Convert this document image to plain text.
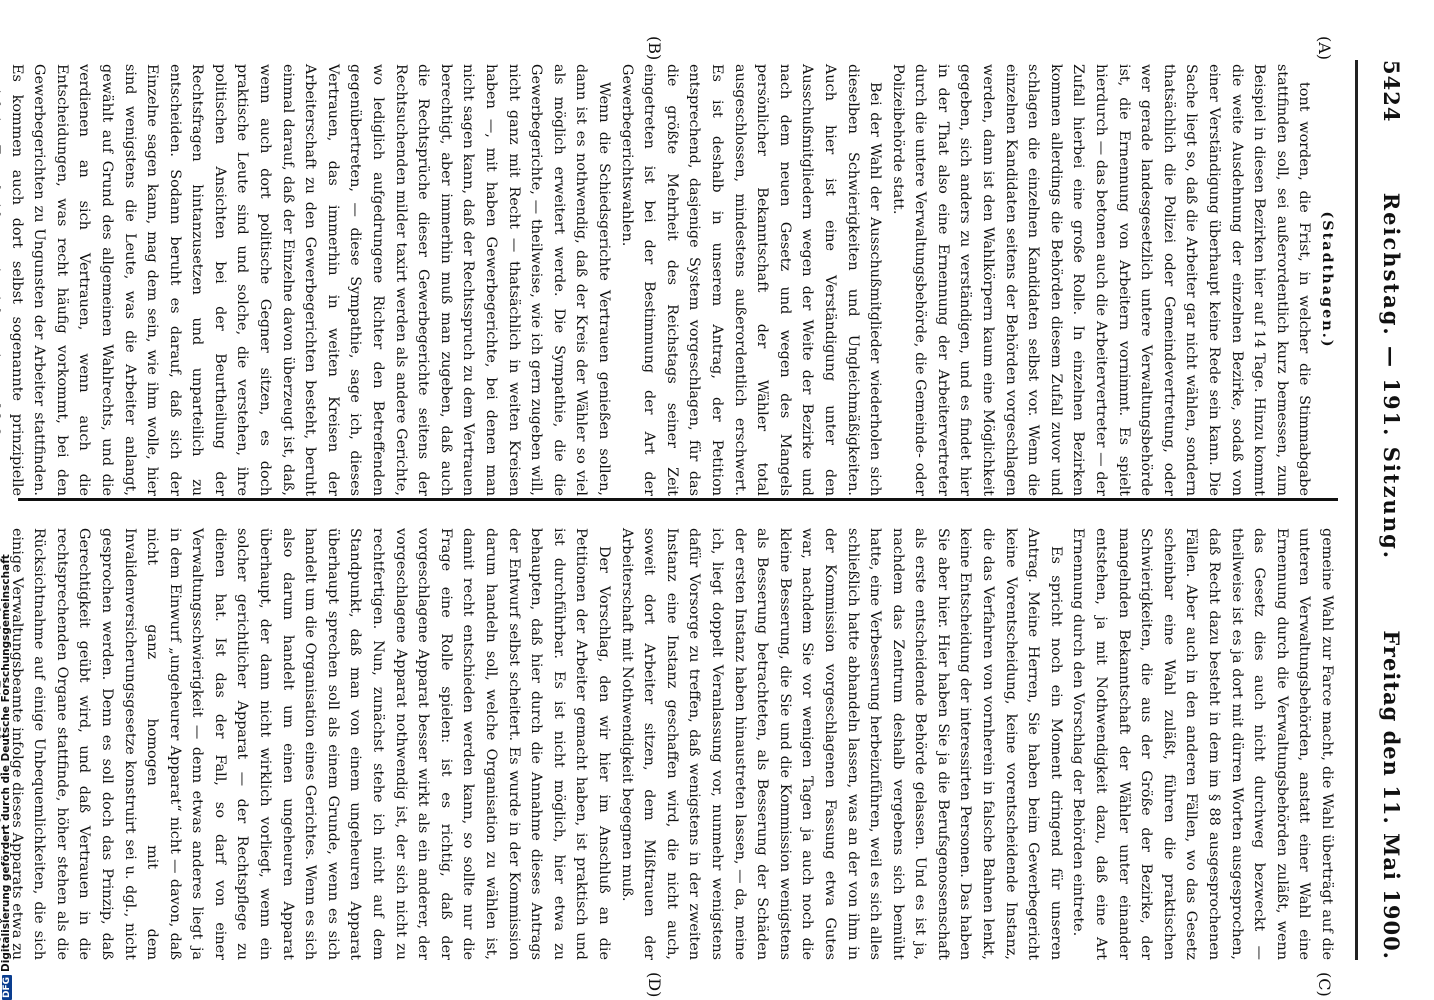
5424
Reichstag. — 191. Sitzung.
Freitag den 11. Mai 1900.
(A)
(B)
(C)
(D)

(Stadthagen.)

tont worden, die Frist, in welcher die Stimmabgabe stattfinden soll, sei außerordentlich kurz bemessen, zum Beispiel in diesen Bezirken hier auf 14 Tage. Hinzu kommt die weite Ausdehnung der einzelnen Bezirke, sodaß von einer Verständigung überhaupt keine Rede sein kann. Die Sache liegt so, daß die Arbeiter gar nicht wählen, sondern thatsächlich die Polizei oder Gemeindevertretung, oder wer gerade landesgesetzlich untere Verwaltungsbehörde ist, die Ernennung von Arbeitern vornimmt. Es spielt hierdurch — das betonen auch die Arbeitervertreter — der Zufall hierbei eine große Rolle. In einzelnen Bezirken kommen allerdings die Behörden diesem Zufall zuvor und schlagen die einzelnen Kandidaten selbst vor. Wenn die einzelnen Kandidaten seitens der Behörden vorgeschlagen werden, dann ist den Wahlkörpern kaum eine Möglichkeit gegeben, sich anders zu verständigen, und es findet hier in der That also eine Ernennung der Arbeitervertreter durch die untere Verwaltungsbehörde, die Gemeinde- oder Polizeibehörde statt.

Bei der Wahl der Ausschußmitglieder wiederholen sich dieselben Schwierigkeiten und Ungleichmäßigkeiten. Auch hier ist eine Verständigung unter den Ausschußmitgliedern wegen der Weite der Bezirke und nach dem neuen Gesetz und wegen des Mangels persönlicher Bekanntschaft der Wähler total ausgeschlossen, mindestens außerordentlich erschwert. Es ist deshalb in unserem Antrag, der Petition entsprechend, dasjenige System vorgeschlagen, für das die größte Mehrheit des Reichstags seiner Zeit eingetreten ist bei der Bestimmung der Art der Gewerbegerichtswahlen.

Wenn die Schiedsgerichte Vertrauen genießen sollen, dann ist es nothwendig, daß der Kreis der Wähler so viel als möglich erweitert werde. Die Sympathie, die die Gewerbegerichte, — theilweise, wie ich gern zugeben will, nicht ganz mit Recht — thatsächlich in weiten Kreisen haben —, mit haben Gewerbegerichte, bei denen man nicht sagen kann, daß der Rechtsspruch zu dem Vertrauen berechtigt, aber immerhin muß man zugeben, daß auch die Rechtsprüche dieser Gewerbegerichte seitens der Rechtsuchenden milder taxirt werden als andere Gerichte, wo lediglich aufgedrungene Richter den Betreffenden gegenübertreten, — diese Sympathie, sage ich, dieses Vertrauen, das immerhin in weiten Kreisen der Arbeiterschaft zu den Gewerbegerichten besteht, beruht einmal darauf, daß der Einzelne davon überzeugt ist, daß, wenn auch dort politische Gegner sitzen, es doch praktische Leute sind und solche, die verstehen, ihre politischen Ansichten bei der Beurtheilung der Rechtsfragen hintanzusetzen und unparteilich zu entscheiden. Sodann beruht es darauf, daß sich der Einzelne sagen kann, mag dem sein, wie ihm wolle, hier sind wenigstens die Leute, was die Arbeiter anlangt, gewählt auf Grund des allgemeinen Wahlrechts, und die verdienen an sich Vertrauen, wenn auch die Entscheidungen, was recht häufig vorkommt, bei den Gewerbegerichten zu Ungunsten der Arbeiter stattfinden. Es kommen auch dort selbst sogenannte prinzipielle

gemeine Wahl zur Farce macht, die Wahl überträgt auf die unteren Verwaltungsbehörden, anstatt einer Wahl eine Ernennung durch die Verwaltungsbehörden zuläßt, wenn das Gesetz dies auch nicht durchweg bezweckt — theilweise ist es ja dort mit dürren Worten ausgesprochen, daß Recht dazu besteht in dem im § 88 ausgesprochenen Fällen. Aber auch in den anderen Fällen, wo das Gesetz scheinbar eine Wahl zuläßt, führen die praktischen Schwierigkeiten, die aus der Größe der Bezirke, der mangelnden Bekanntschaft der Wähler unter einander entstehen, ja mit Nothwendigkeit dazu, daß eine Art Ernennung durch den Vorschlag der Behörden eintrete.

Es spricht noch ein Moment dringend für unseren Antrag. Meine Herren, Sie haben beim Gewerbegericht keine Vorentscheidung, keine vorentscheidende Instanz, die das Verfahren von vornherein in falsche Bahnen lenkt, keine Entscheidung der interessirten Personen. Das haben Sie aber hier. Hier haben Sie ja die Berufsgenossenschaft als erste entscheidende Behörde gelassen. Und es ist ja, nachdem das Zentrum deshalb vergebens sich bemüht hatte, eine Verbesserung herbeizuführen, weil es sich alles schließlich hatte abhandeln lassen, was an der von ihm in der Kommission vorgeschlagenen Fassung etwa Gutes war, nachdem Sie vor wenigen Tagen ja auch noch die kleine Besserung, die Sie und die Kommission wenigstens als Besserung betrachteten, als Besserung der Schäden der ersten Instanz haben hinaustreten lassen, — da, meine ich, liegt doppelt Veranlassung vor, nunmehr wenigstens dafür Vorsorge zu treffen, daß wenigstens in der zweiten Instanz eine Instanz geschaffen wird, die nicht auch, soweit dort Arbeiter sitzen, dem Mißtrauen der Arbeiterschaft mit Nothwendigkeit begegnen muß.

Der Vorschlag, den wir hier im Anschluß an die Petitionen der Arbeiter gemacht haben, ist praktisch und ist durchführbar. Es ist nicht möglich, hier etwa zu behaupten, daß hier durch die Annahme dieses Antrags der Entwurf selbst scheitert. Es wurde in der Kommission darum handeln soll, welche Organisation zu wählen ist, damit recht entschieden werden kann, so sollte nur die Frage eine Rolle spielen: ist es richtig, daß der vorgeschlagene Apparat besser wirkt als ein anderer, der vorgeschlagene Apparat nothwendig ist, der sich nicht zu rechtfertigen. Nun, zunächst stehe ich nicht auf dem Standpunkt, daß man von einem ungeheuren Apparat überhaupt sprechen soll als einem Grunde, wenn es sich handelt um die Organisation eines Gerichtes. Wenn es sich also darum handelt um einen ungeheuren Apparat überhaupt, der dann nicht wirklich vorliegt, wenn ein solcher gerichtlicher Apparat — der Rechtspflege zu dienen hat. Ist das der Fall, so darf von einer Verwaltungsschwierigkeit — denn etwas anderes liegt ja in dem Einwurf „ungeheurer Apparat“ nicht — davon, daß nicht ganz homogen mit dem Invalidenversicherungsgesetze konstruirt sei u. dgl., nicht gesprochen werden. Denn es soll doch das Prinzip, daß Gerechtigkeit geübt wird, und daß Vertrauen in die rechtsprechenden Organe stattfinde, höher stehen als die Rücksichtnahme auf einige Unbequemlichkeiten, die sich einige Verwaltungsbeamte infolge dieses Apparats etwa zu

DFGDigitalisierung gefördert durch die Deutsche Forschungsgemeinschaft
